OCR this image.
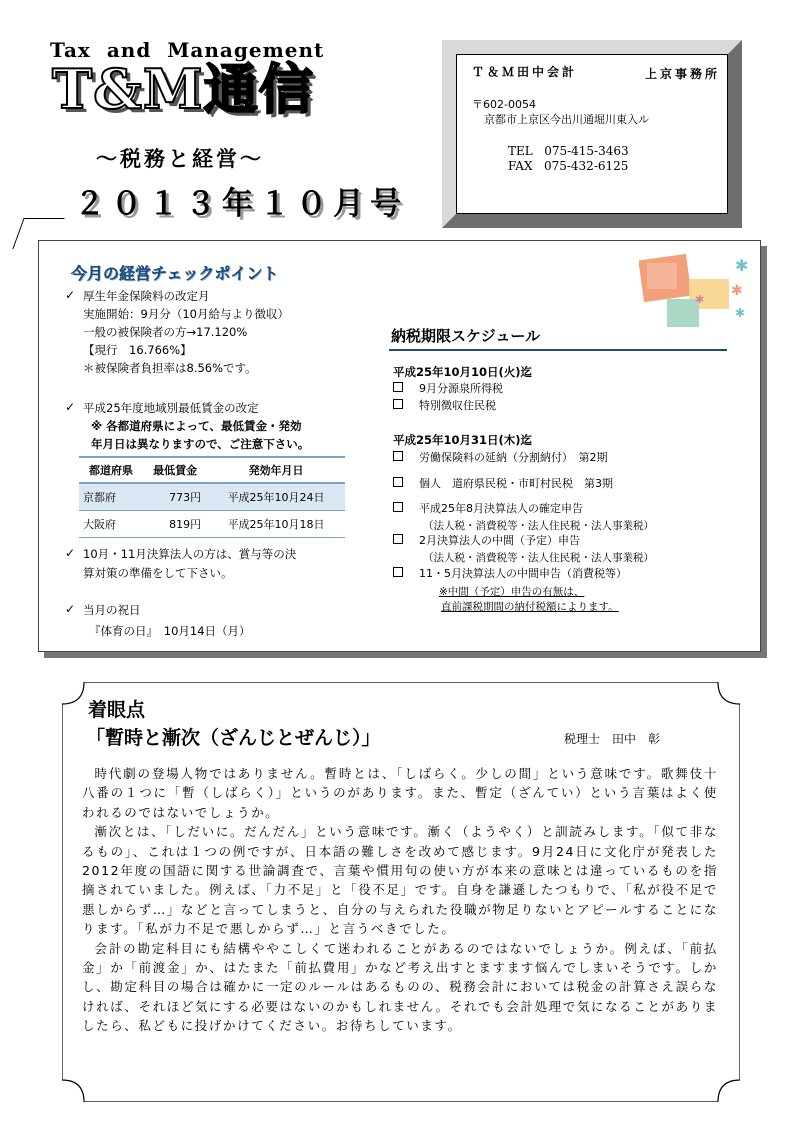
Tax and Management
T&M通信
～税務と経営～
２０１３年１０月号
Ｔ＆Ｍ田中会計	上京事務所
〒602-0054
京都市上京区今出川通堀川東入ル
TEL 075-415-3463
FAX 075-432-6125
今月の経営チェックポイント
✓ 厚生年金保険料の改定月
実施開始：9月分（10月給与より徴収）
一般の被保険者の方→17.120%
【現行　16.766%】
＊被保険者負担率は8.56%です。
✓ 平成25年度地域別最低賃金の改定
※ 各都道府県によって、最低賃金・発効
年月日は異なりますので、ご注意下さい。
都道府県	最低賃金	発効年月日
京都府	773円	平成25年10月24日
大阪府	819円	平成25年10月18日
✓ 10月・11月決算法人の方は、賞与等の決
算対策の準備をして下さい。
✓ 当月の祝日
『体育の日』　10月14日（月）
✱
✱
✱
✱
納税期限スケジュール
平成25年10月10日(火)迄
9月分源泉所得税
特別徴収住民税
平成25年10月31日(木)迄
労働保険料の延納（分割納付）　第2期
個人　道府県民税・市町村民税　第3期
平成25年8月決算法人の確定申告
（法人税・消費税等・法人住民税・法人事業税）
2月決算法人の中間（予定）申告
（法人税・消費税等・法人住民税・法人事業税）
11・5月決算法人の中間申告（消費税等）
※中間（予定）申告の有無は、
直前課税期間の納付税額によります。
着眼点
「暫時と漸次（ざんじとぜんじ）」	税理士　田中　彰

時代劇の登場人物ではありません。暫時とは、「しばらく。少しの間」という意味です。歌舞伎十八番の１つに「暫（しばらく）」というのがあります。また、暫定（ざんてい）という言葉はよく使われるのではないでしょうか。

漸次とは、「しだいに。だんだん」という意味です。漸く（ようやく）と訓読みします。「似て非なるもの」、これは１つの例ですが、日本語の難しさを改めて感じます。9月24日に文化庁が発表した2012年度の国語に関する世論調査で、言葉や慣用句の使い方が本来の意味とは違っているものを指摘されていました。例えば、「力不足」と「役不足」です。自身を謙遜したつもりで、「私が役不足で悪しからず…」などと言ってしまうと、自分の与えられた役職が物足りないとアピールすることになります。「私が力不足で悪しからず…」と言うべきでした。

会計の勘定科目にも結構ややこしくて迷われることがあるのではないでしょうか。例えば、「前払金」か「前渡金」か、はたまた「前払費用」かなど考え出すとますます悩んでしまいそうです。しかし、勘定科目の場合は確かに一定のルールはあるものの、税務会計においては税金の計算さえ誤らなければ、それほど気にする必要はないのかもしれません。それでも会計処理で気になることがありましたら、私どもに投げかけてください。お待ちしています。
